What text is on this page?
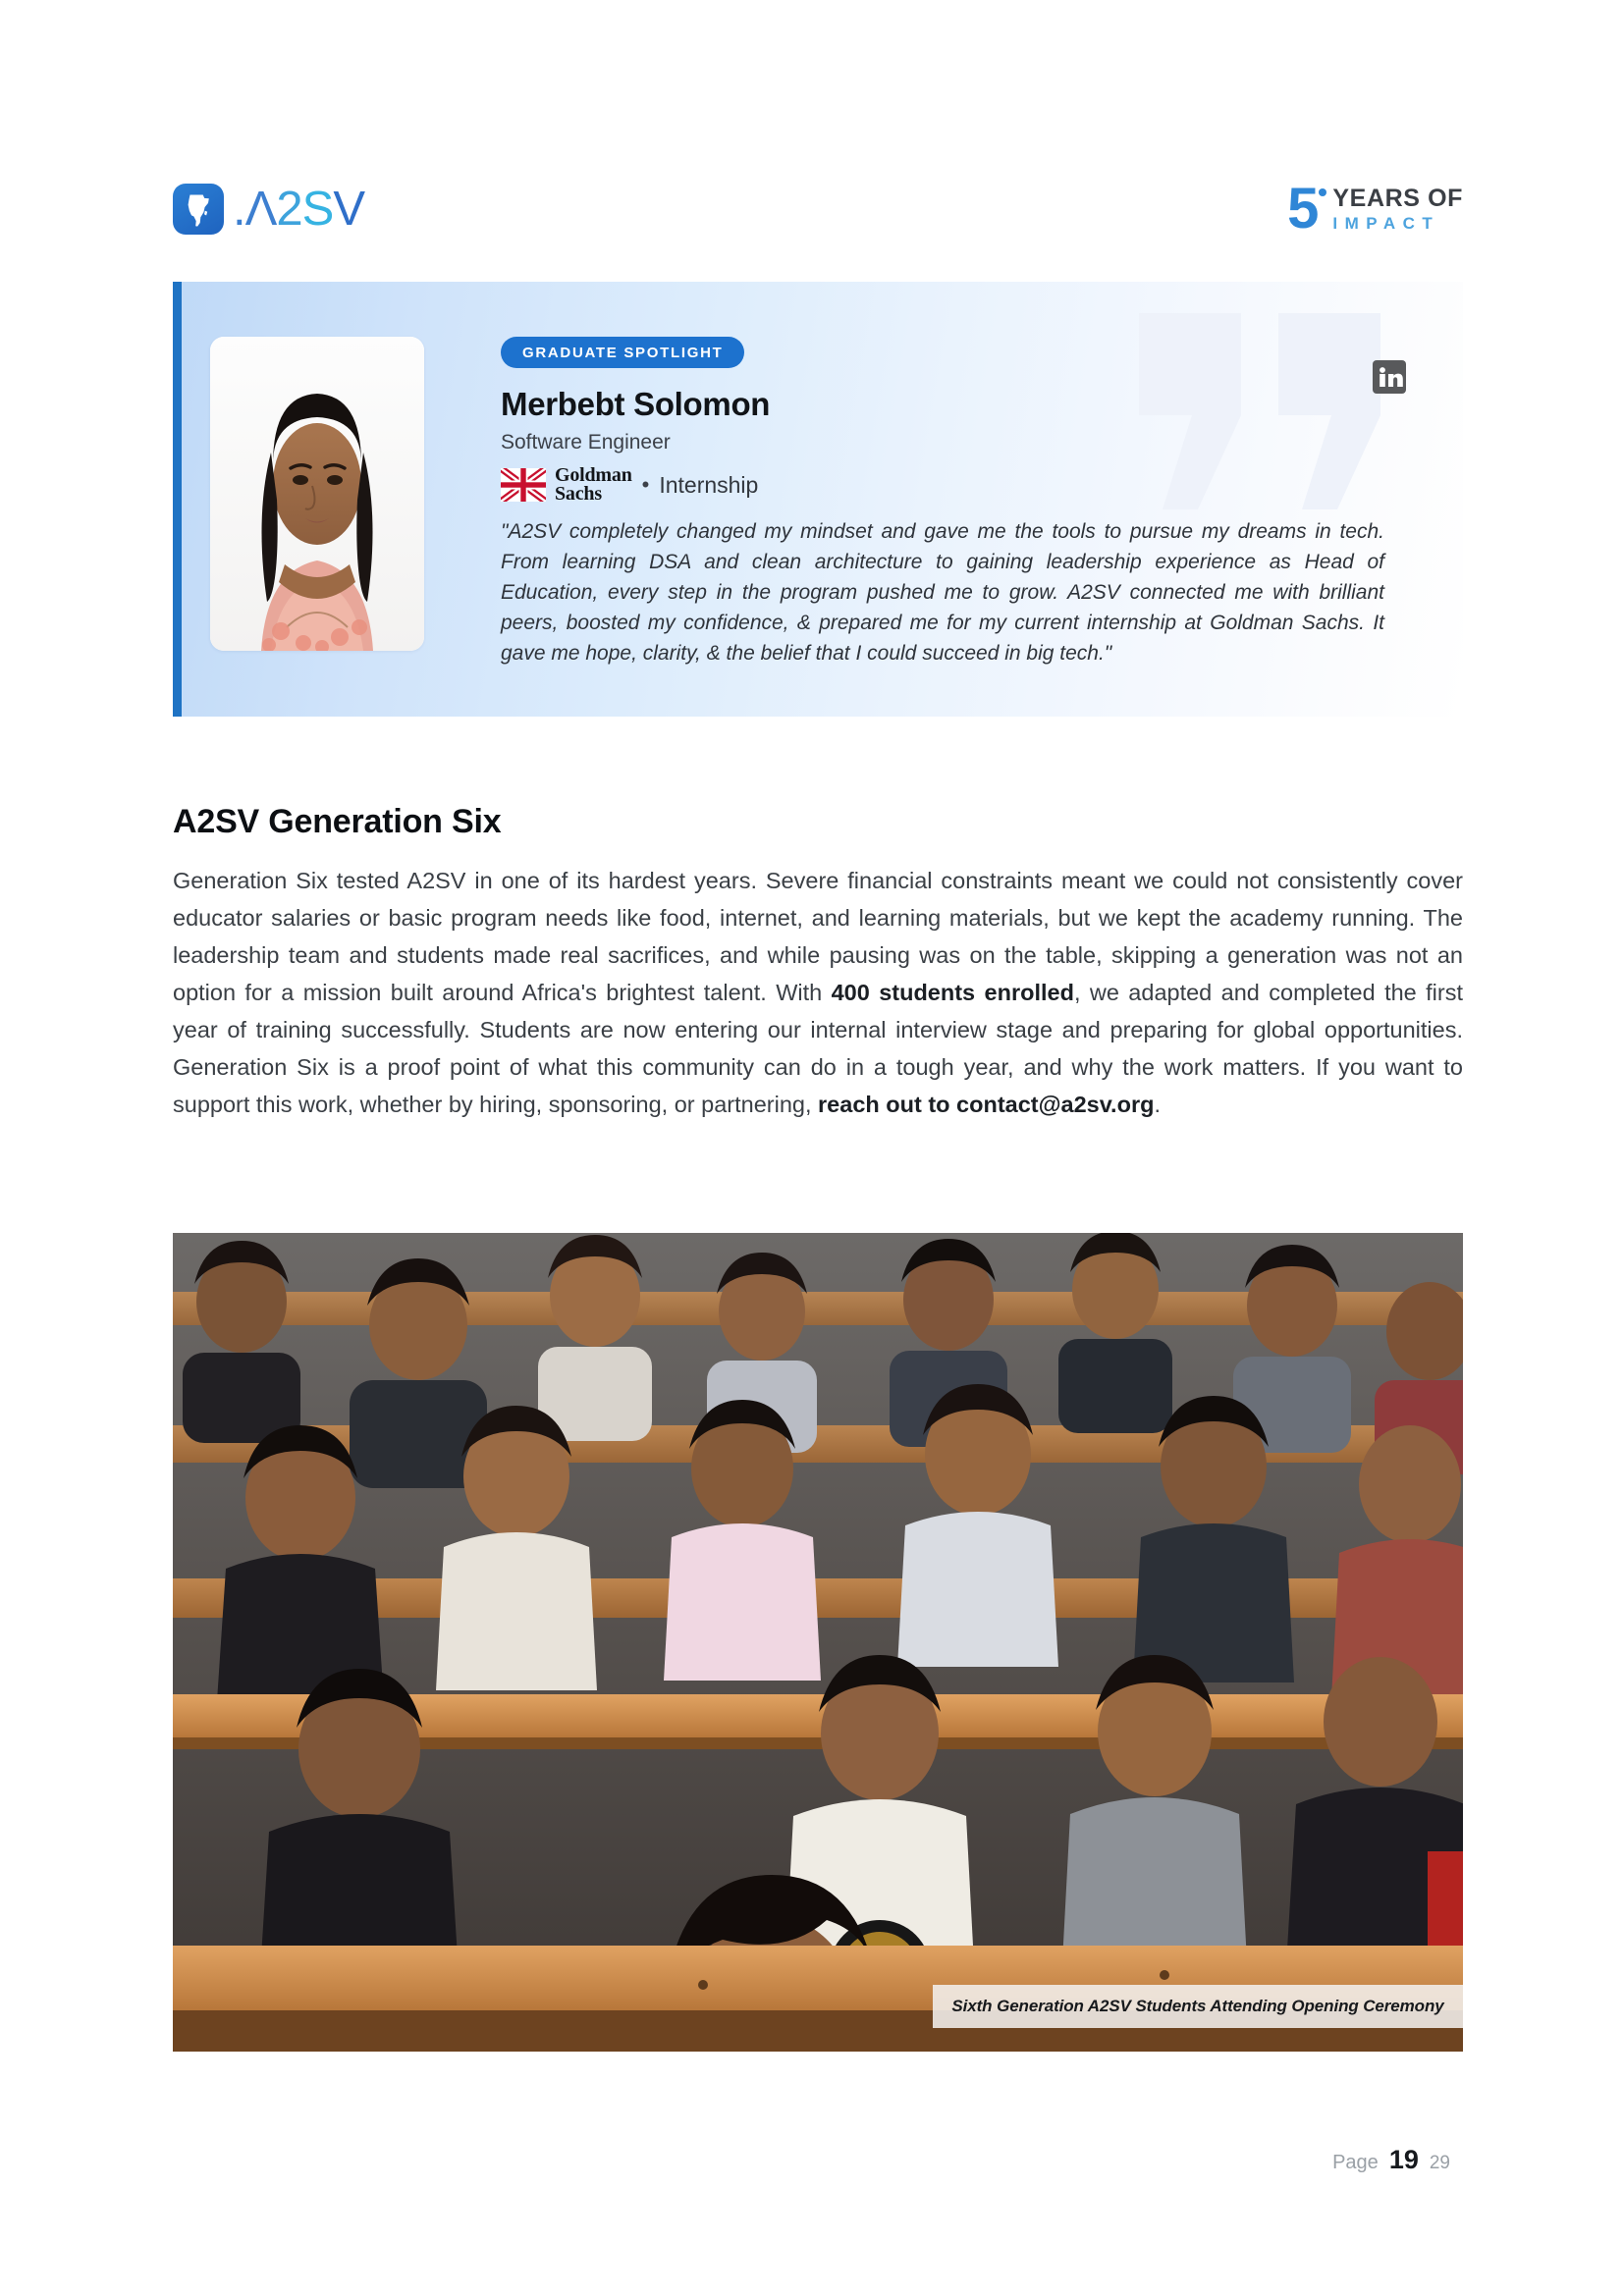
. Λ 2 S V	5 YEARS OF
IMPACT
GRADUATE SPOTLIGHT
Merbebt Solomon
Software Engineer
Goldman
Sachs	• Internship
"A2SV completely changed my mindset and gave me the tools to pursue my dreams in tech. From learning DSA and clean architecture to gaining leadership experience as Head of Education, every step in the program pushed me to grow. A2SV connected me with brilliant peers, boosted my confidence, & prepared me for my current internship at Goldman Sachs. It gave me hope, clarity, & the belief that I could succeed in big tech."
A2SV Generation Six

Generation Six tested A2SV in one of its hardest years. Severe financial constraints meant we could not consistently cover educator salaries or basic program needs like food, internet, and learning materials, but we kept the academy running. The leadership team and students made real sacrifices, and while pausing was on the table, skipping a generation was not an option for a mission built around Africa's brightest talent. With 400 students enrolled, we adapted and completed the first year of training successfully. Students are now entering our internal interview stage and preparing for global opportunities. Generation Six is a proof point of what this community can do in a tough year, and why the work matters. If you want to support this work, whether by hiring, sponsoring, or partnering, reach out to contact@a2sv.org.

Sixth Generation A2SV Students Attending Opening Ceremony
Page 19 29
